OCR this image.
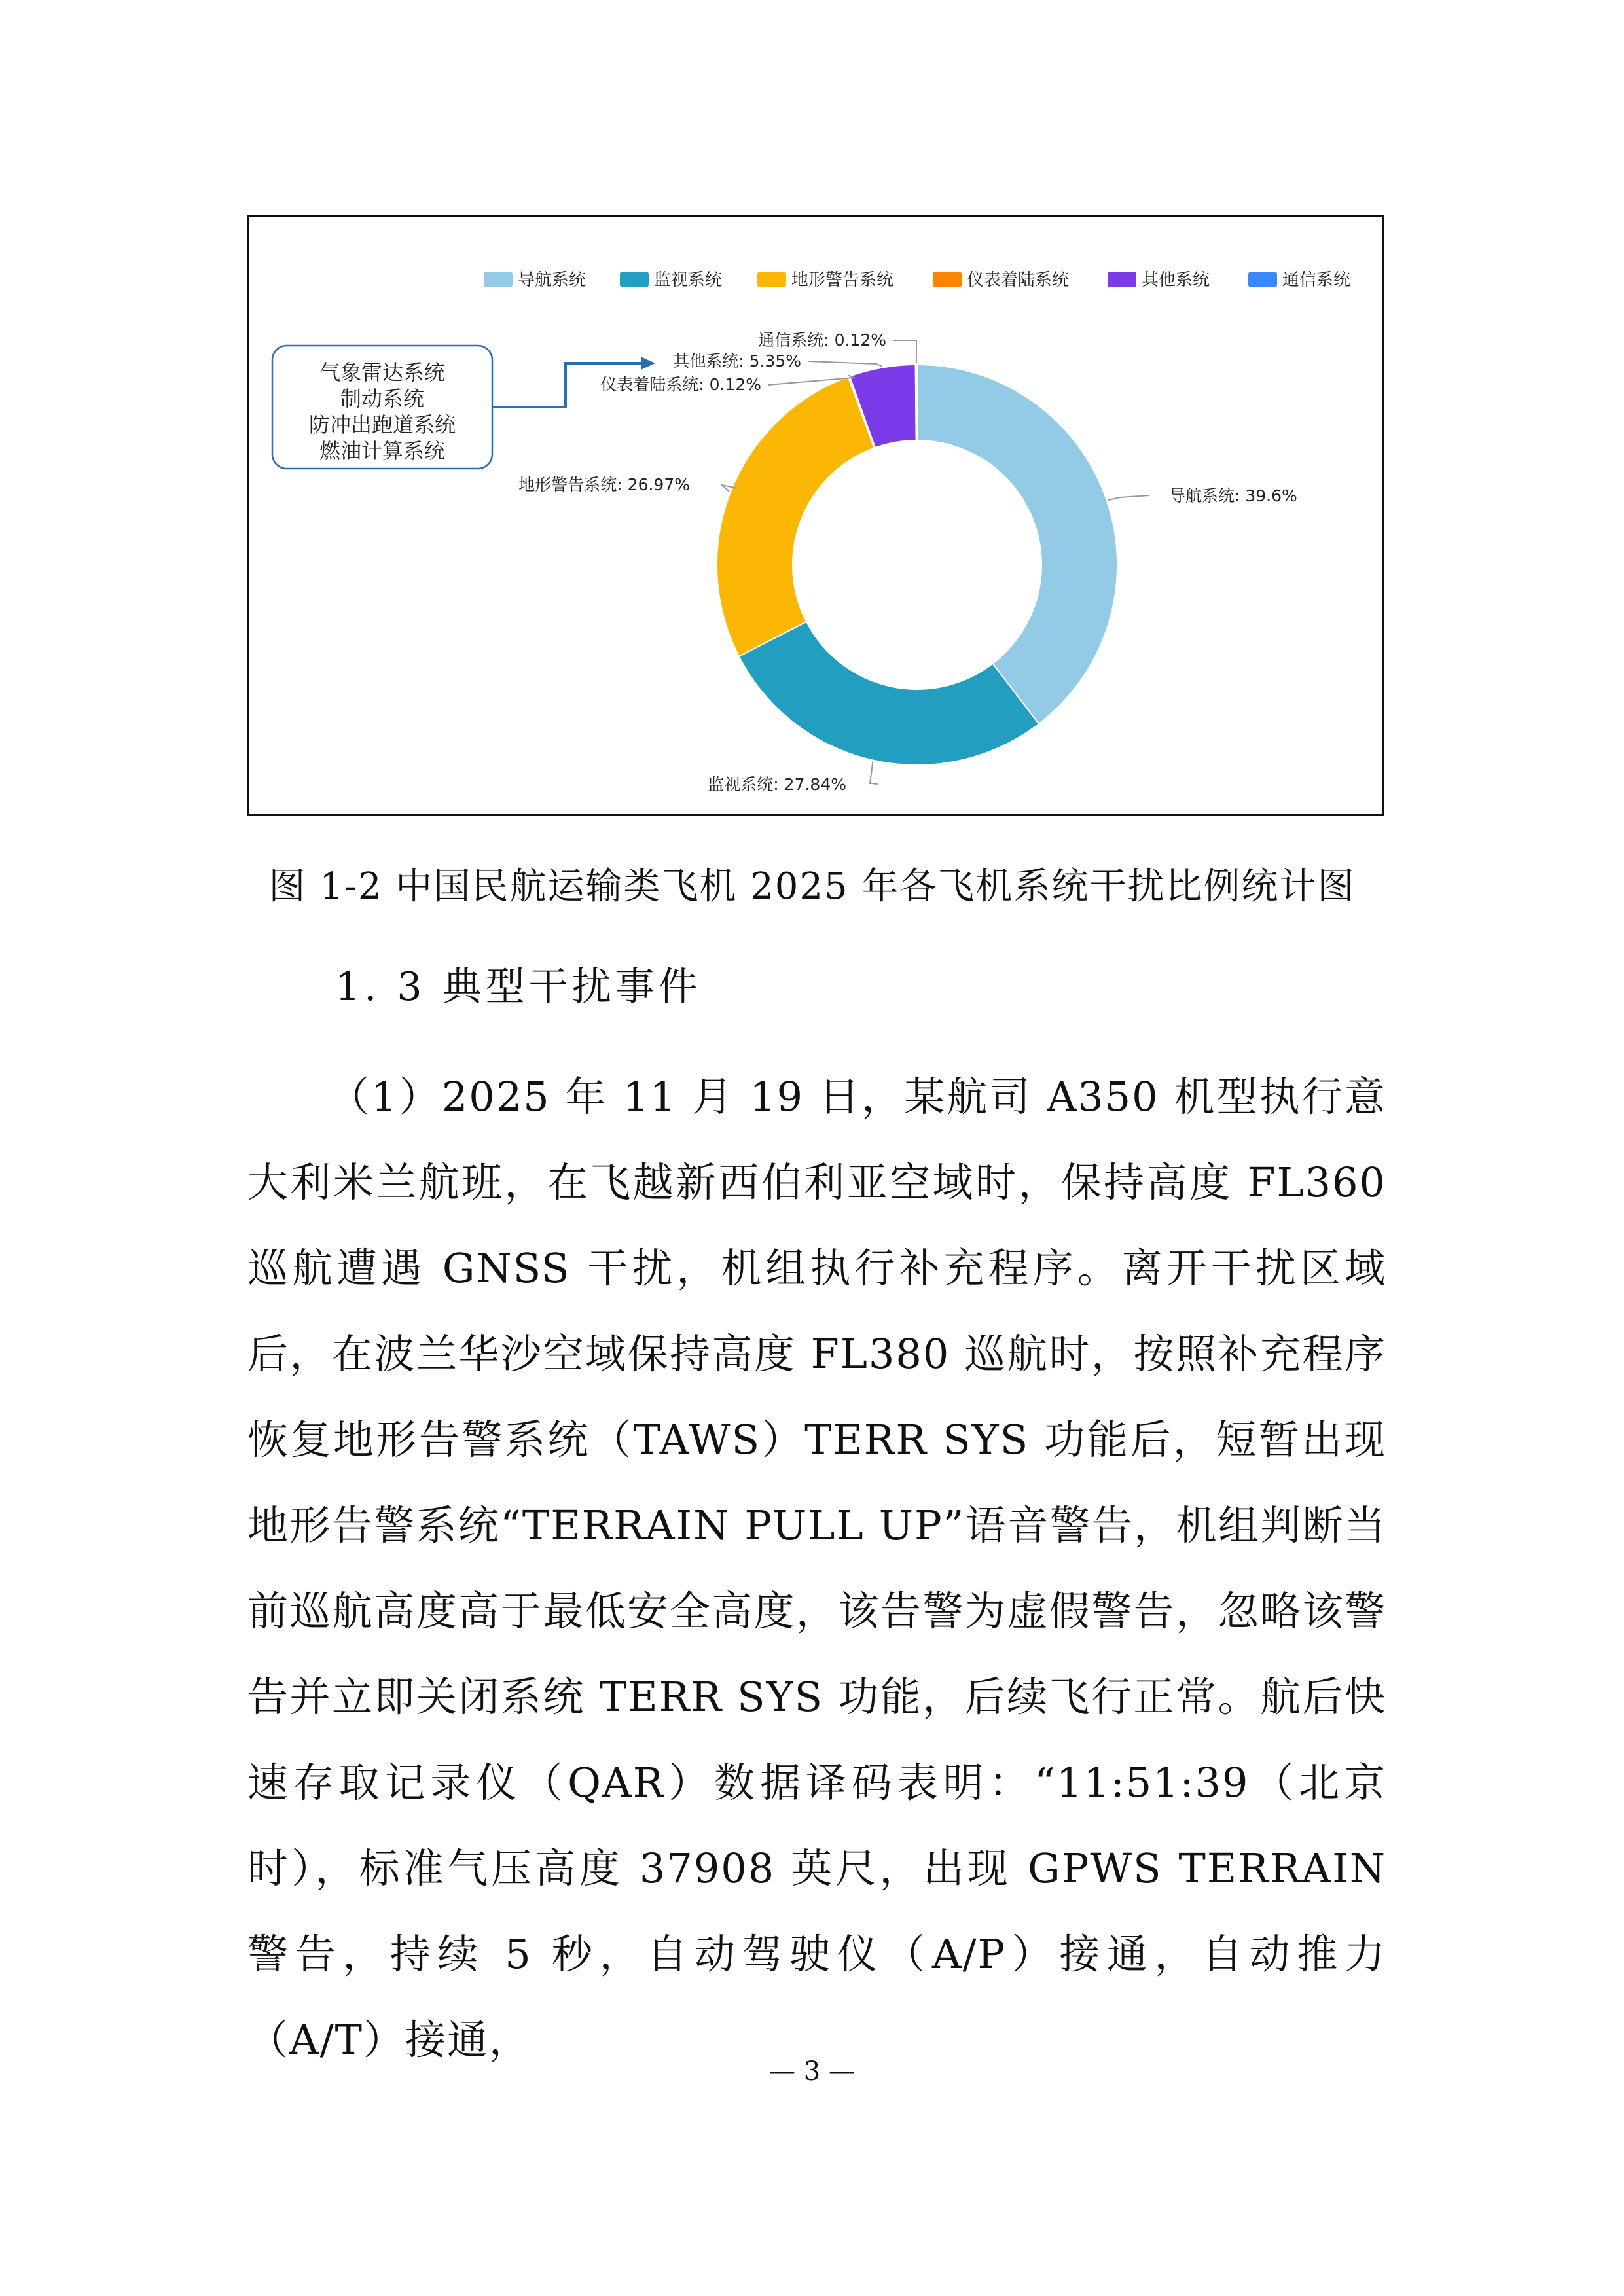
导航系统	监视系统	地形警告系统	仪表着陆系统	其他系统	通信系统
导航系统: 39.6%
监视系统: 27.84%
地形警告系统: 26.97%
仪表着陆系统: 0.12%
其他系统: 5.35%
通信系统: 0.12%
气象雷达系统
制动系统
防冲出跑道系统
燃油计算系统
图 1-2 中国民航运输类飞机 2025 年各飞机系统干扰比例统计图
1. 3 典型干扰事件

（1）2025 年 11 月 19 日，某航司 A350 机型执行意大利米兰航班，在飞越新西伯利亚空域时，保持高度 FL360 巡航遭遇 GNSS 干扰，机组执行补充程序。离开干扰区域后，在波兰华沙空域保持高度 FL380 巡航时，按照补充程序恢复地形告警系统（TAWS）TERR SYS 功能后，短暂出现地形告警系统“TERRAIN PULL UP”语音警告，机组判断当前巡航高度高于最低安全高度，该告警为虚假警告，忽略该警告并立即关闭系统 TERR SYS 功能，后续飞行正常。航后快速存取记录仪（QAR）数据译码表明：“11:51:39（北京时），标准气压高度 37908 英尺，出现 GPWS TERRAIN 警告，持续 5 秒，自动驾驶仪（A/P）接通，自动推力（A/T）接通，

— 3 —
